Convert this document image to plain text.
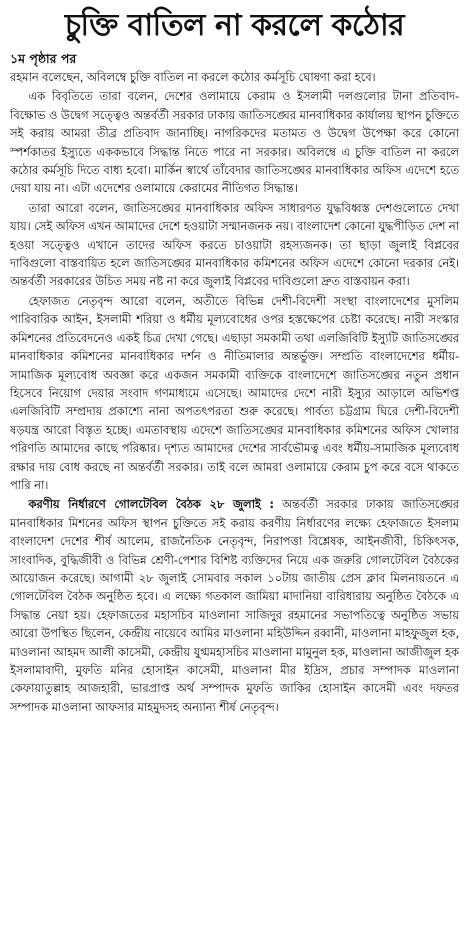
চুক্তি বাতিল না করলে কঠোর
১ম পৃষ্ঠার পর
রহমান বলেছেন, অবিলম্বে চুক্তি বাতিল না করলে কঠোর কর্মসূচি ঘোষণা করা হবে।
এক বিবৃতিতে তারা বলেন, দেশের ওলামায়ে কেরাম ও ইসলামী দলগুলোর টানা প্রতিবাদ-বিক্ষোভ ও উদ্বেগ সত্ত্বেও অন্তর্বর্তী সরকার ঢাকায় জাতিসঙ্ঘের মানবাধিকার কার্যালয় স্থাপন চুক্তিতে সই করায় আমরা তীব্র প্রতিবাদ জানাচ্ছি। নাগরিকদের মতামত ও উদ্বেগ উপেক্ষা করে কোনো স্পর্শকাতর ইস্যুতে এককভাবে সিদ্ধান্ত নিতে পারে না সরকার। অবিলম্বে এ চুক্তি বাতিল না করলে কঠোর কর্মসূচি দিতে বাধ্য হবো। মার্কিন স্বার্থে তাঁবেদার জাতিসঙ্ঘের মানবাধিকার অফিস এদেশে হতে দেয়া যায় না। এটা এদেশের ওলামায়ে কেরামের নীতিগত সিদ্ধান্ত।
তারা আরো বলেন, জাতিসঙ্ঘের মানবাধিকার অফিস সাধারণত যুদ্ধবিধ্বস্ত দেশগুলোতে দেখা যায়। সেই অফিস এখন আমাদের দেশে হওয়াটা সম্মানজনক নয়। বাংলাদেশ কোনো যুদ্ধপীড়িত দেশ না হওয়া সত্ত্বেও এখানে তাদের অফিস করতে চাওয়াটা রহস্যজনক। তা ছাড়া জুলাই বিপ্লবের দাবিগুলো বাস্তবায়িত হলে জাতিসঙ্ঘের মানবাধিকার কমিশনের অফিস এদেশে কোনো দরকার নেই। অন্তর্বর্তী সরকারের উচিত সময় নষ্ট না করে জুলাই বিপ্লবের দাবিগুলো দ্রুত বাস্তবায়ন করা।
হেফাজত নেতৃবৃন্দ আরো বলেন, অতীতে বিভিন্ন দেশী-বিদেশী সংস্থা বাংলাদেশের মুসলিম পারিবারিক আইন, ইসলামী শরিয়া ও ধর্মীয় মূল্যবোধের ওপর হস্তক্ষেপের চেষ্টা করেছে। নারী সংস্কার কমিশনের প্রতিবেদনেও একই চিত্র দেখা গেছে। এছাড়া সমকামী তথা এলজিবিটি ইস্যুটি জাতিসঙ্ঘের মানবাধিকার কমিশনের মানবাধিকার দর্শন ও নীতিমালার অন্তর্ভুক্ত। সম্প্রতি বাংলাদেশের ধর্মীয়-সামাজিক মূল্যবোধ অবজ্ঞা করে একজন সমকামী ব্যক্তিকে বাংলাদেশে জাতিসঙ্ঘের নতুন প্রধান হিসেবে নিয়োগ দেয়ার সংবাদ গণমাধ্যমে এসেছে। আমাদের দেশে নারী ইস্যুর আড়ালে অভিশপ্ত এলজিবিটি সম্প্রদায় প্রকাশ্যে নানা অপতৎপরতা শুরু করেছে। পার্বত্য চট্টগ্রাম ঘিরে দেশী-বিদেশী ষড়যন্ত্র আরো বিস্তৃত হচ্ছে। এমতাবস্থায় এদেশে জাতিসঙ্ঘের মানবাধিকার কমিশনের অফিস খোলার পরিণতি আমাদের কাছে পরিষ্কার। দৃশ্যত আমাদের দেশের সার্বভৌমত্ব এবং ধর্মীয়-সামাজিক মূল্যবোধ রক্ষার দায় বোধ করছে না অন্তর্বর্তী সরকার। তাই বলে আমরা ওলামায়ে কেরাম চুপ করে বসে থাকতে পারি না।
করণীয় নির্ধারণে গোলটেবিল বৈঠক ২৮ জুলাই : অন্তর্বর্তী সরকার ঢাকায় জাতিসঙ্ঘের মানবাধিকার মিশনের অফিস স্থাপন চুক্তিতে সই করায় করণীয় নির্ধারণের লক্ষ্যে হেফাজতে ইসলাম বাংলাদেশ দেশের শীর্ষ আলেম, রাজনৈতিক নেতৃবৃন্দ, নিরাপত্তা বিশ্লেষক, আইনজীবী, চিকিৎসক, সাংবাদিক, বুদ্ধিজীবী ও বিভিন্ন শ্রেণী-পেশার বিশিষ্ট ব্যক্তিদের নিয়ে এক জরুরি গোলটেবিল বৈঠকের আয়োজন করেছে। আগামী ২৮ জুলাই সোমবার সকাল ১০টায় জাতীয় প্রেস ক্লাব মিলনায়তনে এ গোলটেবিল বৈঠক অনুষ্ঠিত হবে। এ লক্ষ্যে গতকাল জামিয়া মাদানিয়া বারিধারায় অনুষ্ঠিত বৈঠকে এ সিদ্ধান্ত নেয়া হয়। হেফাজতের মহাসচিব মাওলানা সাজিদুর রহমানের সভাপতিত্বে অনুষ্ঠিত সভায় আরো উপস্থিত ছিলেন, কেন্দ্রীয় নায়েবে আমির মাওলানা মহিউদ্দিন রব্বানী, মাওলানা মাহফুজুল হক, মাওলানা আহমদ আলী কাসেমী, কেন্দ্রীয় যুগ্মমহাসচিব মাওলানা মামুনুল হক, মাওলানা আজীজুল হক ইসলামাবাদী, মুফতি মনির হোসাইন কাসেমী, মাওলানা মীর ইদ্রিস, প্রচার সম্পাদক মাওলানা কেফায়াতুল্লাহ আজহারী, ভারপ্রাপ্ত অর্থ সম্পাদক মুফতি জাকির হোসাইন কাসেমী এবং দফতর সম্পাদক মাওলানা আফসার মাহমুদসহ অন্যান্য শীর্ষ নেতৃবৃন্দ।
